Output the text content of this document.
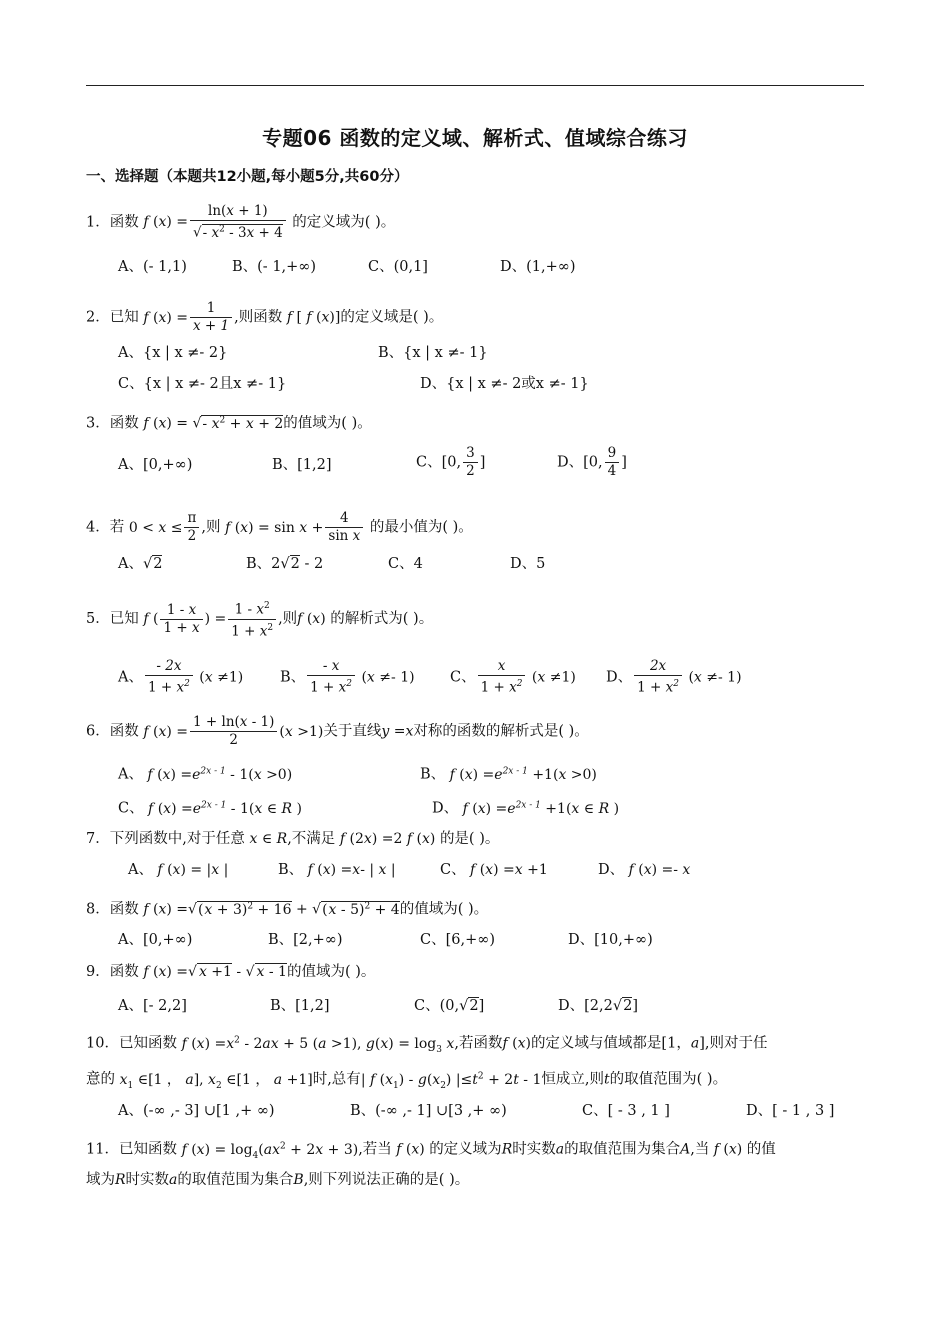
专题06 函数的定义域、解析式、值域综合练习
一、选择题（本题共12小题,每小题5分,共60分）
1．函数 f $(x) = \frac{\ln(x + 1)}{√- x^2 - 3x + 4}$ 的定义域为( )。
A、(- 1,1)	B、(- 1,+∞)	C、(0,1]	D、(1,+∞)
2．已知 f $(x) = \frac{1}{x + 1}$ ,则函数 f [ f (x)]的定义域是( )。
A、{x | x ≠- 2}	B、{x | x ≠- 1}
C、{x | x ≠- 2且x ≠- 1}	D、{x | x ≠- 2或x ≠- 1}
3．函数 f (x) = √- $x^2 + x + 2$的值域为( )。
A、[0,+∞)	B、[1,2]	C、[0, $\frac{3}{2}$ ]	D、[0, $\frac{9}{4}$ ]
4．若 $0 < x \le \frac{\pi}{2}$ ,则 f $(x) = \sin x + \frac{4}{\text{sin x}}$ 的最小值为( )。
A、√2	B、2√2 - 2	C、4	D、5
5．已知 f ( $\frac{1 - x}{1 + x}$ ) = $\frac{1 - x^2}{1 + x^2}$ ,则f (x) 的解析式为( )。
A、 $\frac{- 2x}{1 + x^2} (x \ne 1)$	B、 $\frac{- x}{1 + x^2} (x \ne- 1)$ C、 $\frac{x}{1 + x^2} (x \ne 1)$ D、 $\frac{2x}{1 + x^2} (x \ne- 1)$
6．函数 f $(x) = \frac{1 + \ln(x - 1)}{2} (x >1)$关于直线y =x对称的函数的解析式是( )。
A、 f $(x) =e^{2x - 1} - 1(x >0)$	B、 f $(x) =e^{2x - 1} +1(x >0)$
C、 f $(x) =e^{2x - 1} - 1(x$ ∈ R )	D、 f $(x) =e^{2x - 1} +1(x$ ∈ R )
7．下列函数中,对于任意 x ∈ R,不满足 f (2x) =2 f (x) 的是( )。
A、 f (x) = |x |	B、 f (x) =x- | x |	C、 f (x) =x +1	D、 f (x) =- x
8．函数 f $(x) =√(x + 3)^2 + 16 + √(x - 5)^2 + 4$的值域为( )。
A、[0,+∞)	B、[2,+∞)	C、[6,+∞)	D、[10,+∞)
9．函数 f (x) =√ x +1 - √ x - 1的值域为( )。
A、[- 2,2]	B、[1,2]	C、(0,√2]	D、[2,2√2]
10．已知函数 f $(x) =x^2 - 2ax + 5$ (a >1), $g(x) = \log_3 x$,若函数f (x)的定义域与值域都是[1，a],则对于任
意的 $x_1$ ∈[1 ， a], $x_2$ ∈[1 ， a +1]时,总有| f $(x_1) - g(x_2) |\le t^2 + 2t - 1$恒成立,则t的取值范围为( )。
A、(-∞ ,- 3] ∪[1 ,+ ∞)	B、(-∞ ,- 1] ∪[3 ,+ ∞)	C、[ - 3 , 1 ]	D、[ - 1 , 3 ]
11．已知函数 f $(x) = \log_4(ax^2 + 2x + 3)$,若当 f (x) 的定义域为R时实数a的取值范围为集合A,当 f (x) 的值
域为R时实数a的取值范围为集合B,则下列说法正确的是( )。
